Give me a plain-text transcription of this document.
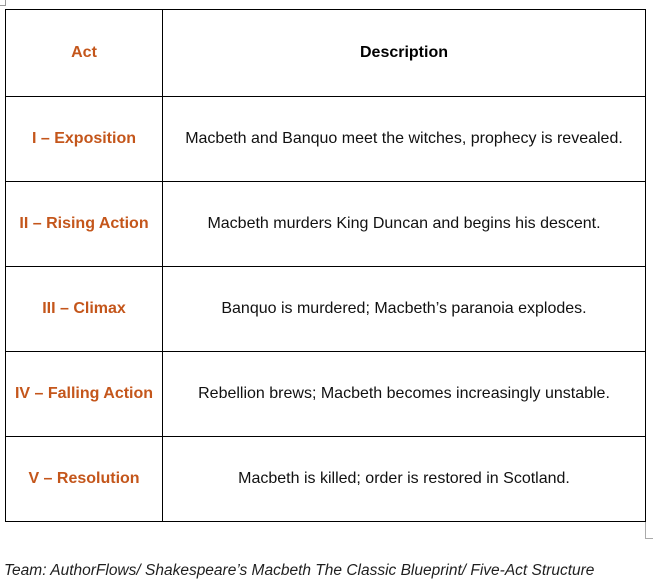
Act	Description
I – Exposition	Macbeth and Banquo meet the witches, prophecy is revealed.
II – Rising Action	Macbeth murders King Duncan and begins his descent.
III – Climax	Banquo is murdered; Macbeth’s paranoia explodes.
IV – Falling Action	Rebellion brews; Macbeth becomes increasingly unstable.
V – Resolution	Macbeth is killed; order is restored in Scotland.
Team: AuthorFlows/ Shakespeare’s Macbeth The Classic Blueprint/ Five-Act Structure
